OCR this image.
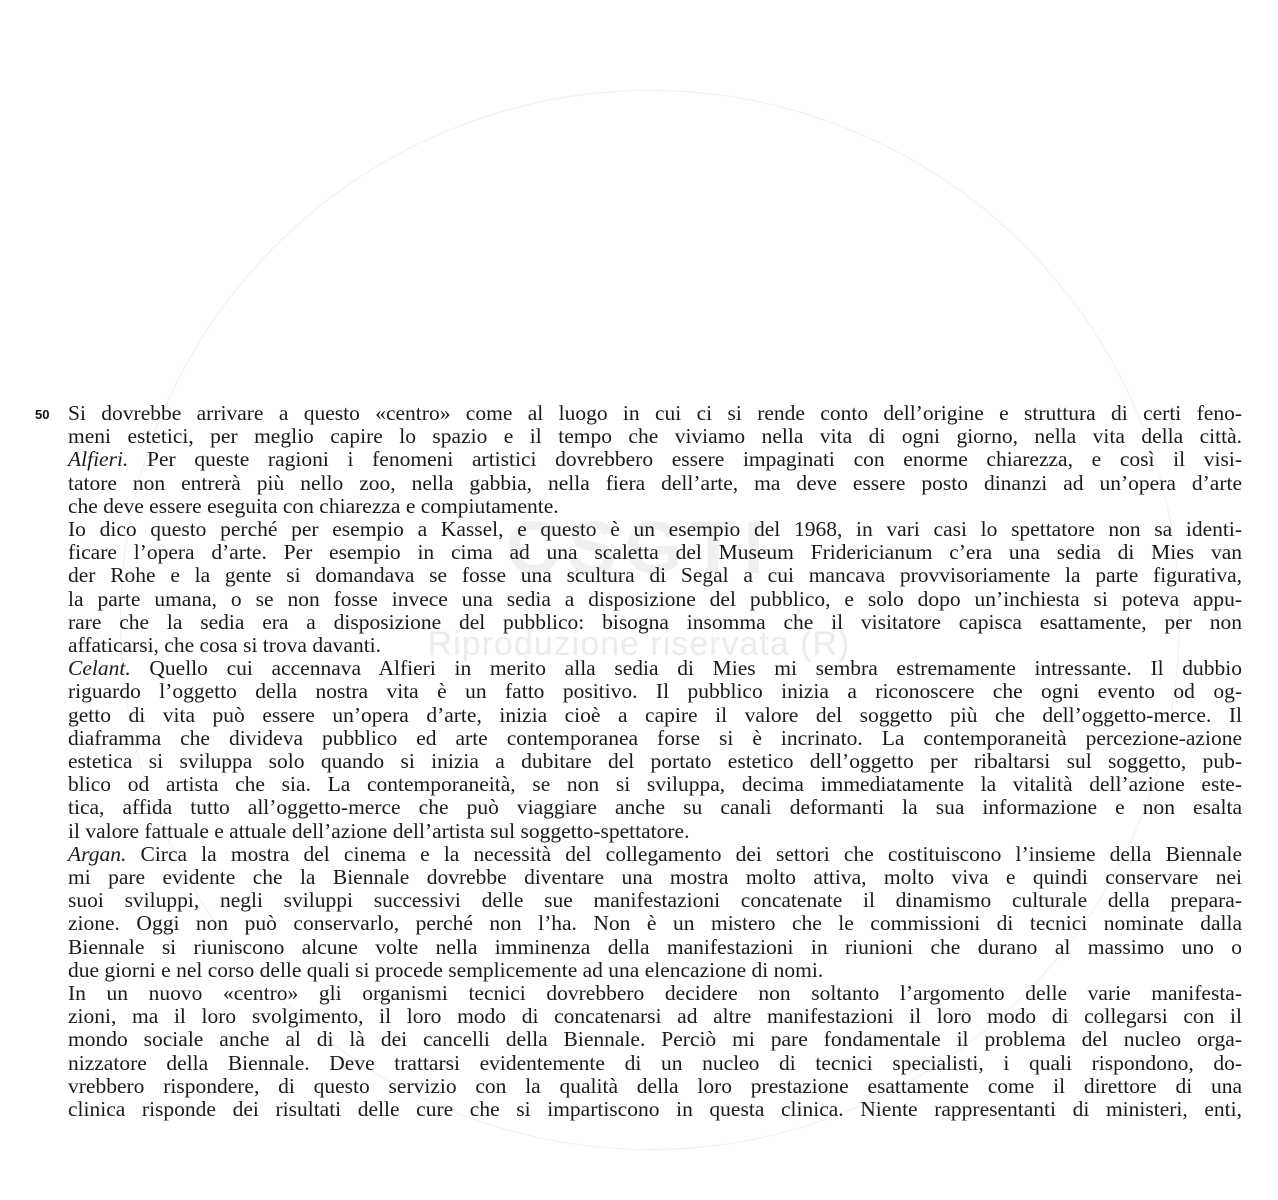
CSGTI
Riproduzione riservata (R)
50 Si dovrebbe arrivare a questo «centro» come al luogo in cui ci si rende conto dell’origine e struttura di certi feno-
meni estetici, per meglio capire lo spazio e il tempo che viviamo nella vita di ogni giorno, nella vita della città.
Alfieri. Per queste ragioni i fenomeni artistici dovrebbero essere impaginati con enorme chiarezza, e così il visi-
tatore non entrerà più nello zoo, nella gabbia, nella fiera dell’arte, ma deve essere posto dinanzi ad un’opera d’arte
che deve essere eseguita con chiarezza e compiutamente.
Io dico questo perché per esempio a Kassel, e questo è un esempio del 1968, in vari casi lo spettatore non sa identi-
ficare l’opera d’arte. Per esempio in cima ad una scaletta del Museum Fridericianum c’era una sedia di Mies van
der Rohe e la gente si domandava se fosse una scultura di Segal a cui mancava provvisoriamente la parte figurativa,
la parte umana, o se non fosse invece una sedia a disposizione del pubblico, e solo dopo un’inchiesta si poteva appu-
rare che la sedia era a disposizione del pubblico: bisogna insomma che il visitatore capisca esattamente, per non
affaticarsi, che cosa si trova davanti.
Celant. Quello cui accennava Alfieri in merito alla sedia di Mies mi sembra estremamente intressante. Il dubbio
riguardo l’oggetto della nostra vita è un fatto positivo. Il pubblico inizia a riconoscere che ogni evento od og-
getto di vita può essere un’opera d’arte, inizia cioè a capire il valore del soggetto più che dell’oggetto-merce. Il
diaframma che divideva pubblico ed arte contemporanea forse si è incrinato. La contemporaneità percezione-azione
estetica si sviluppa solo quando si inizia a dubitare del portato estetico dell’oggetto per ribaltarsi sul soggetto, pub-
blico od artista che sia. La contemporaneità, se non si sviluppa, decima immediatamente la vitalità dell’azione este-
tica, affida tutto all’oggetto-merce che può viaggiare anche su canali deformanti la sua informazione e non esalta
il valore fattuale e attuale dell’azione dell’artista sul soggetto-spettatore.
Argan. Circa la mostra del cinema e la necessità del collegamento dei settori che costituiscono l’insieme della Biennale
mi pare evidente che la Biennale dovrebbe diventare una mostra molto attiva, molto viva e quindi conservare nei
suoi sviluppi, negli sviluppi successivi delle sue manifestazioni concatenate il dinamismo culturale della prepara-
zione. Oggi non può conservarlo, perché non l’ha. Non è un mistero che le commissioni di tecnici nominate dalla
Biennale si riuniscono alcune volte nella imminenza della manifestazioni in riunioni che durano al massimo uno o
due giorni e nel corso delle quali si procede semplicemente ad una elencazione di nomi.
In un nuovo «centro» gli organismi tecnici dovrebbero decidere non soltanto l’argomento delle varie manifesta-
zioni, ma il loro svolgimento, il loro modo di concatenarsi ad altre manifestazioni il loro modo di collegarsi con il
mondo sociale anche al di là dei cancelli della Biennale. Perciò mi pare fondamentale il problema del nucleo orga-
nizzatore della Biennale. Deve trattarsi evidentemente di un nucleo di tecnici specialisti, i quali rispondono, do-
vrebbero rispondere, di questo servizio con la qualità della loro prestazione esattamente come il direttore di una
clinica risponde dei risultati delle cure che si impartiscono in questa clinica. Niente rappresentanti di ministeri, enti,
